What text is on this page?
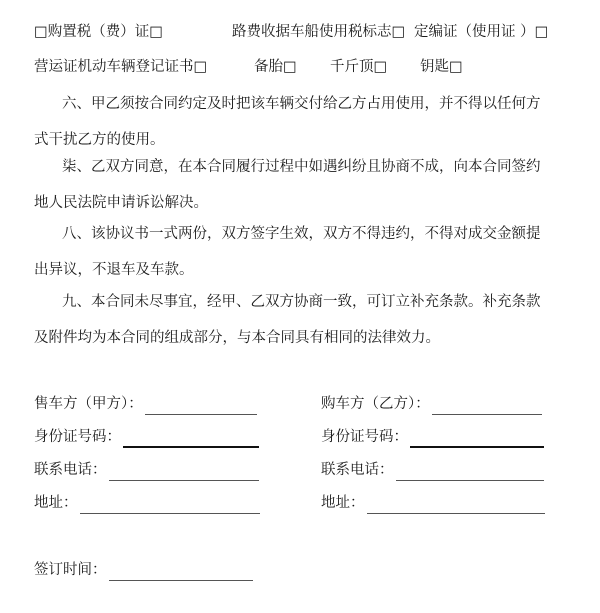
□购置税（费）证□	路费收据车船使用税标志□ 定编证（使用证 ）□
营运证机动车辆登记证书□	备胎□ 千斤顶□ 钥匙□
六、甲乙须按合同约定及时把该车辆交付给乙方占用使用，并不得以任何方
式干扰乙方的使用。
柒、乙双方同意，在本合同履行过程中如遇纠纷且协商不成，向本合同签约
地人民法院申请诉讼解决。
八、该协议书一式两份，双方签字生效，双方不得违约，不得对成交金额提
出异议，不退车及车款。
九、本合同未尽事宜，经甲、乙双方协商一致，可订立补充条款。补充条款
及附件均为本合同的组成部分，与本合同具有相同的法律效力。
售车方（甲方）：
身份证号码：
联系电话：
地址：
购车方（乙方）：
身份证号码：
联系电话：
地址：
签订时间：
